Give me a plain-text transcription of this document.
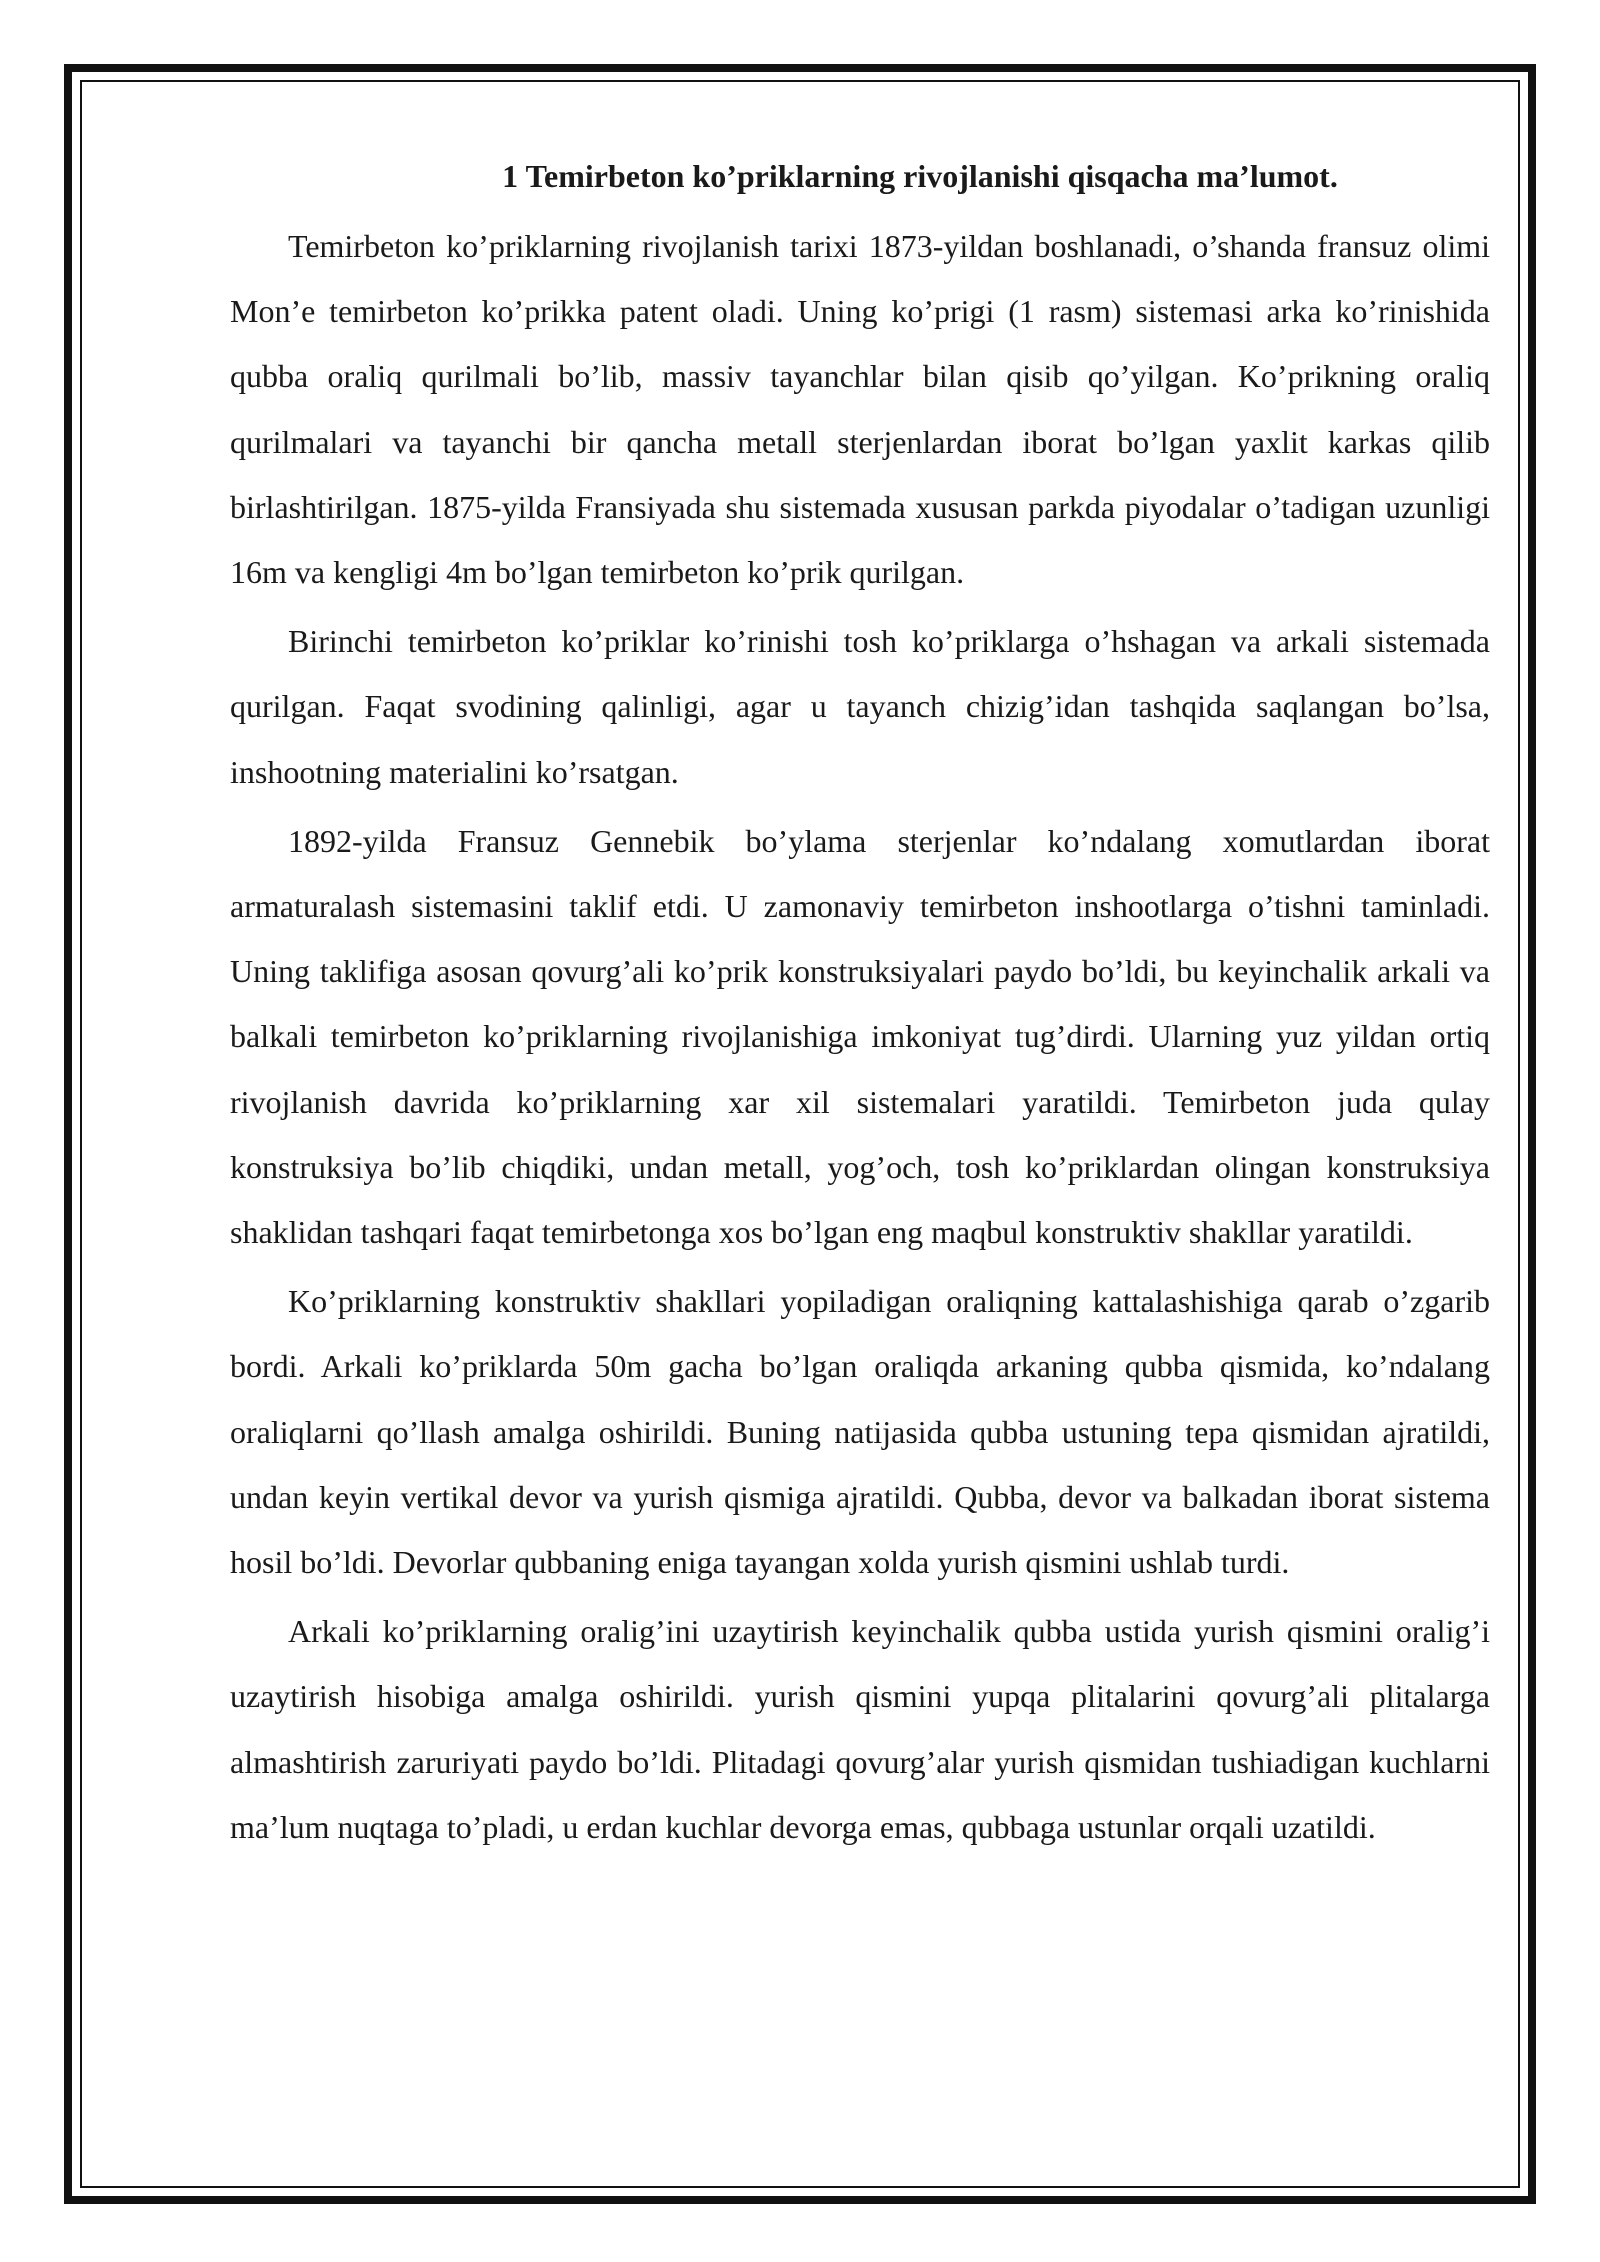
1 Temirbeton ko’priklarning rivojlanishi qisqacha ma’lumot.

Temirbeton ko’priklarning rivojlanish tarixi 1873-yildan boshlanadi, o’shanda fransuz olimi Mon’e temirbeton ko’prikka patent oladi. Uning ko’prigi (1 rasm) sistemasi arka ko’rinishida qubba oraliq qurilmali bo’lib, massiv tayanchlar bilan qisib qo’yilgan. Ko’prikning oraliq qurilmalari va tayanchi bir qancha metall sterjenlardan iborat bo’lgan yaxlit karkas qilib birlashtirilgan. 1875-yilda Fransiyada shu sistemada xususan parkda piyodalar o’tadigan uzunligi 16m va kengligi 4m bo’lgan temirbeton ko’prik qurilgan.

Birinchi temirbeton ko’priklar ko’rinishi tosh ko’priklarga o’hshagan va arkali sistemada qurilgan. Faqat svodining qalinligi, agar u tayanch chizig’idan tashqida saqlangan bo’lsa, inshootning materialini ko’rsatgan.

1892-yilda Fransuz Gennebik bo’ylama sterjenlar ko’ndalang xomutlardan iborat armaturalash sistemasini taklif etdi. U zamonaviy temirbeton inshootlarga o’tishni taminladi. Uning taklifiga asosan qovurg’ali ko’prik konstruksiyalari paydo bo’ldi, bu keyinchalik arkali va balkali temirbeton ko’priklarning rivojlanishiga imkoniyat tug’dirdi. Ularning yuz yildan ortiq rivojlanish davrida ko’priklarning xar xil sistemalari yaratildi. Temirbeton juda qulay konstruksiya bo’lib chiqdiki, undan metall, yog’och, tosh ko’priklardan olingan konstruksiya shaklidan tashqari faqat temirbetonga xos bo’lgan eng maqbul konstruktiv shakllar yaratildi.

Ko’priklarning konstruktiv shakllari yopiladigan oraliqning kattalashishiga qarab o’zgarib bordi. Arkali ko’priklarda 50m gacha bo’lgan oraliqda arkaning qubba qismida, ko’ndalang oraliqlarni qo’llash amalga oshirildi. Buning natijasida qubba ustuning tepa qismidan ajratildi, undan keyin vertikal devor va yurish qismiga ajratildi. Qubba, devor va balkadan iborat sistema hosil bo’ldi. Devorlar qubbaning eniga tayangan xolda yurish qismini ushlab turdi.

Arkali ko’priklarning oralig’ini uzaytirish keyinchalik qubba ustida yurish qismini oralig’i uzaytirish hisobiga amalga oshirildi. yurish qismini yupqa plitalarini qovurg’ali plitalarga almashtirish zaruriyati paydo bo’ldi. Plitadagi qovurg’alar yurish qismidan tushiadigan kuchlarni ma’lum nuqtaga to’pladi, u erdan kuchlar devorga emas, qubbaga ustunlar orqali uzatildi.
